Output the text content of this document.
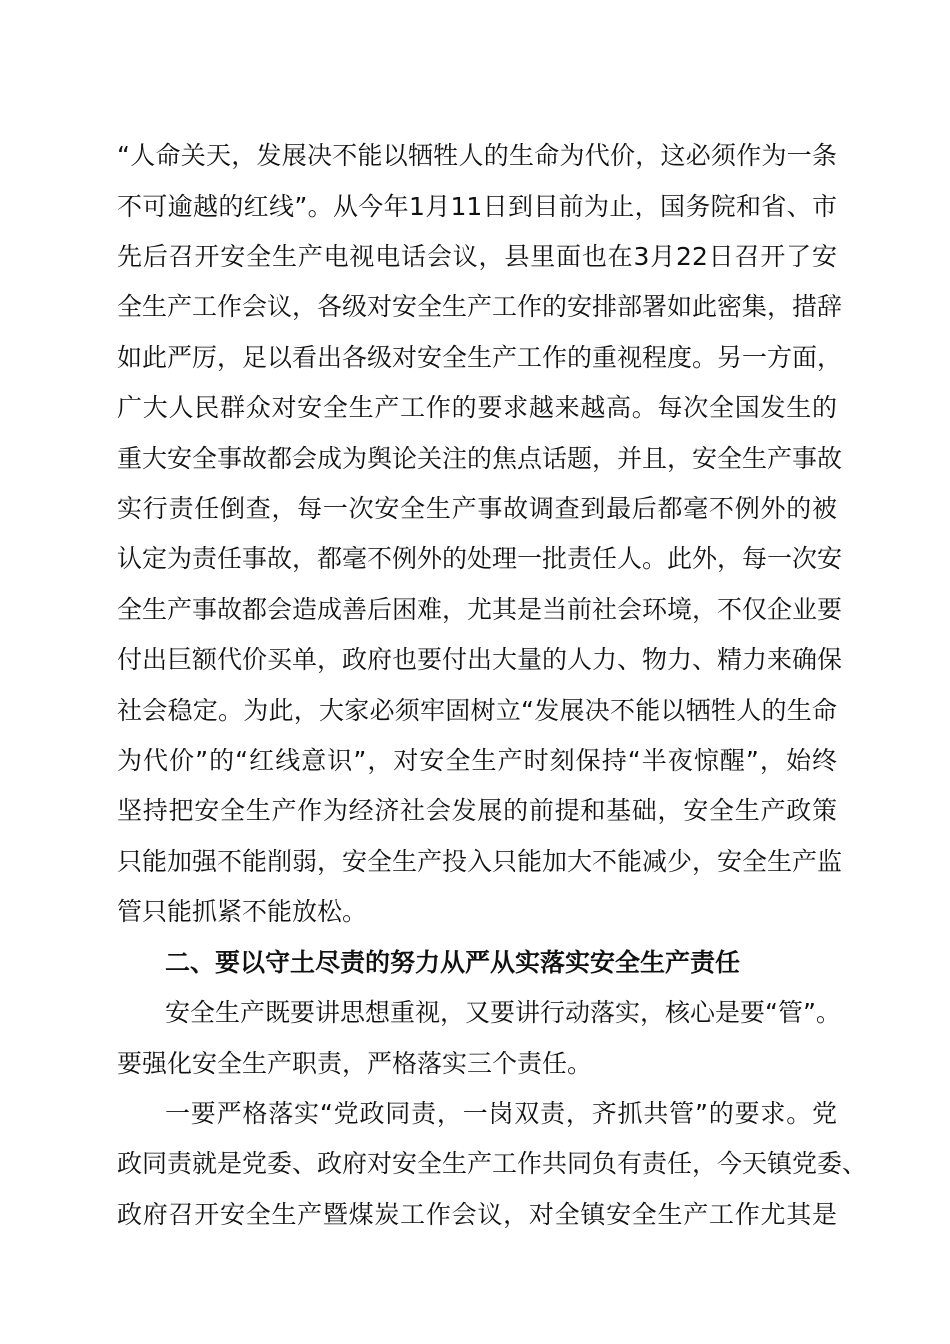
“人命关天，发展决不能以牺牲人的生命为代价，这必须作为一条
不可逾越的红线”。从今年1月11日到目前为止，国务院和省、市
先后召开安全生产电视电话会议，县里面也在3月22日召开了安
全生产工作会议，各级对安全生产工作的安排部署如此密集，措辞
如此严厉，足以看出各级对安全生产工作的重视程度。另一方面，
广大人民群众对安全生产工作的要求越来越高。每次全国发生的
重大安全事故都会成为舆论关注的焦点话题，并且，安全生产事故
实行责任倒查，每一次安全生产事故调查到最后都毫不例外的被
认定为责任事故，都毫不例外的处理一批责任人。此外，每一次安
全生产事故都会造成善后困难，尤其是当前社会环境，不仅企业要
付出巨额代价买单，政府也要付出大量的人力、物力、精力来确保
社会稳定。为此，大家必须牢固树立“发展决不能以牺牲人的生命
为代价”的“红线意识”，对安全生产时刻保持“半夜惊醒”，始终
坚持把安全生产作为经济社会发展的前提和基础，安全生产政策
只能加强不能削弱，安全生产投入只能加大不能减少，安全生产监
管只能抓紧不能放松。
二、要以守土尽责的努力从严从实落实安全生产责任
安全生产既要讲思想重视，又要讲行动落实，核心是要“管”。
要强化安全生产职责，严格落实三个责任。
一要严格落实“党政同责，一岗双责，齐抓共管”的要求。党
政同责就是党委、政府对安全生产工作共同负有责任，今天镇党委、
政府召开安全生产暨煤炭工作会议，对全镇安全生产工作尤其是
